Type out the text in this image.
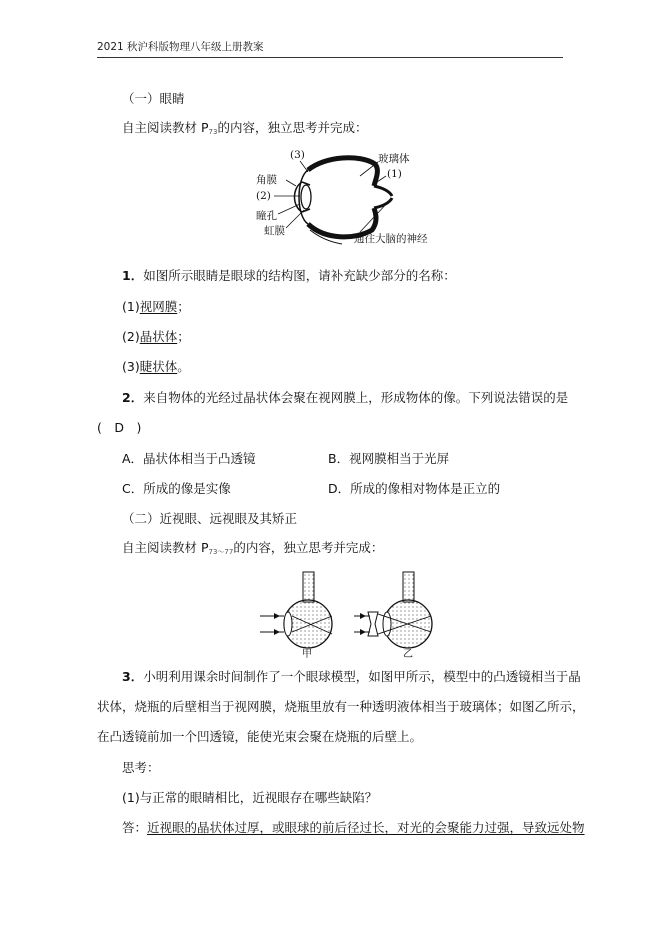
2021 秋沪科版物理八年级上册教案
（一）眼睛
自主阅读教材 $P_{73}$的内容，独立思考并完成：
(3)
角膜
(2)
瞳孔
虹膜
玻璃体
(1)
通往大脑的神经
1．如图所示眼睛是眼球的结构图，请补充缺少部分的名称：
(1)视网膜；
(2)晶状体；
(3)睫状体。
2．来自物体的光经过晶状体会聚在视网膜上，形成物体的像。下列说法错误的是
(　D　)
A．晶状体相当于凸透镜	B．视网膜相当于光屏
C．所成的像是实像	D．所成的像相对物体是正立的
（二）近视眼、远视眼及其矫正
自主阅读教材 $P_{73\sim 77}$的内容，独立思考并完成：
甲	乙
3．小明利用课余时间制作了一个眼球模型，如图甲所示，模型中的凸透镜相当于晶
状体，烧瓶的后壁相当于视网膜，烧瓶里放有一种透明液体相当于玻璃体；如图乙所示，
在凸透镜前加一个凹透镜，能使光束会聚在烧瓶的后壁上。
思考：
(1)与正常的眼睛相比，近视眼存在哪些缺陷？
答：近视眼的晶状体过厚，或眼球的前后径过长，对光的会聚能力过强，导致远处物
